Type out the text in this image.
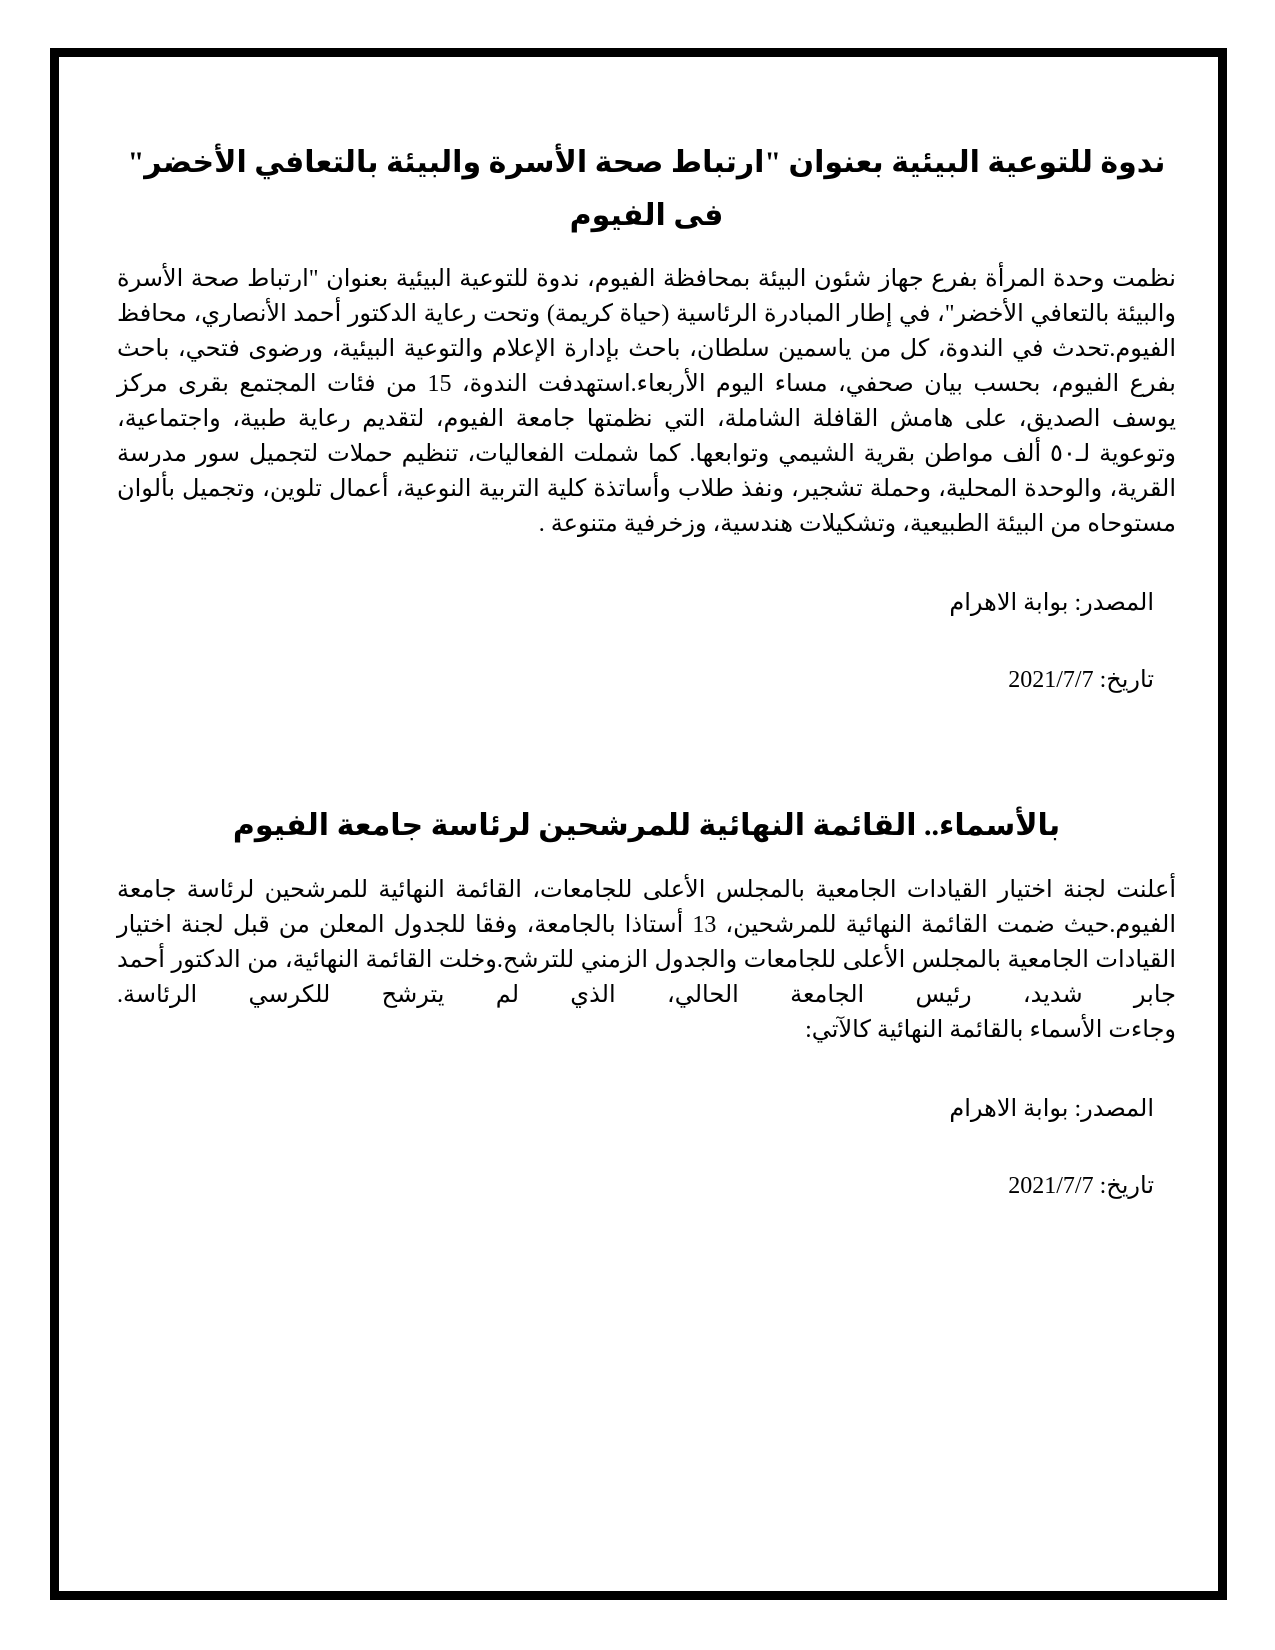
ندوة للتوعية البيئية بعنوان "ارتباط صحة الأسرة والبيئة بالتعافي الأخضر" فى الفيوم

نظمت وحدة المرأة بفرع جهاز شئون البيئة بمحافظة الفيوم، ندوة للتوعية البيئية بعنوان "ارتباط صحة الأسرة والبيئة بالتعافي الأخضر"، في إطار المبادرة الرئاسية (حياة كريمة) وتحت رعاية الدكتور أحمد الأنصاري، محافظ الفيوم.تحدث في الندوة، كل من ياسمين سلطان، باحث بإدارة الإعلام والتوعية البيئية، ورضوى فتحي، باحث بفرع الفيوم، بحسب بيان صحفي، مساء اليوم الأربعاء.استهدفت الندوة، 15 من فئات المجتمع بقرى مركز يوسف الصديق، على هامش القافلة الشاملة، التي نظمتها جامعة الفيوم، لتقديم رعاية طبية، واجتماعية، وتوعوية لـ٥٠ ألف مواطن بقرية الشيمي وتوابعها. كما شملت الفعاليات، تنظيم حملات لتجميل سور مدرسة القرية، والوحدة المحلية، وحملة تشجير، ونفذ طلاب وأساتذة كلية التربية النوعية، أعمال تلوين، وتجميل بألوان مستوحاه من البيئة الطبيعية، وتشكيلات هندسية، وزخرفية متنوعة .

المصدر: بوابة الاهرام

تاريخ: 2021/7/7

بالأسماء.. القائمة النهائية للمرشحين لرئاسة جامعة الفيوم

أعلنت لجنة اختيار القيادات الجامعية بالمجلس الأعلى للجامعات، القائمة النهائية للمرشحين لرئاسة جامعة الفيوم.حيث ضمت القائمة النهائية للمرشحين، 13 أستاذا بالجامعة، وفقا للجدول المعلن من قبل لجنة اختيار القيادات الجامعية بالمجلس الأعلى للجامعات والجدول الزمني للترشح.وخلت القائمة النهائية، من الدكتور أحمد جابر شديد، رئيس الجامعة الحالي، الذي لم يترشح للكرسي الرئاسة.
وجاءت الأسماء بالقائمة النهائية كالآتي:

المصدر: بوابة الاهرام

تاريخ: 2021/7/7
